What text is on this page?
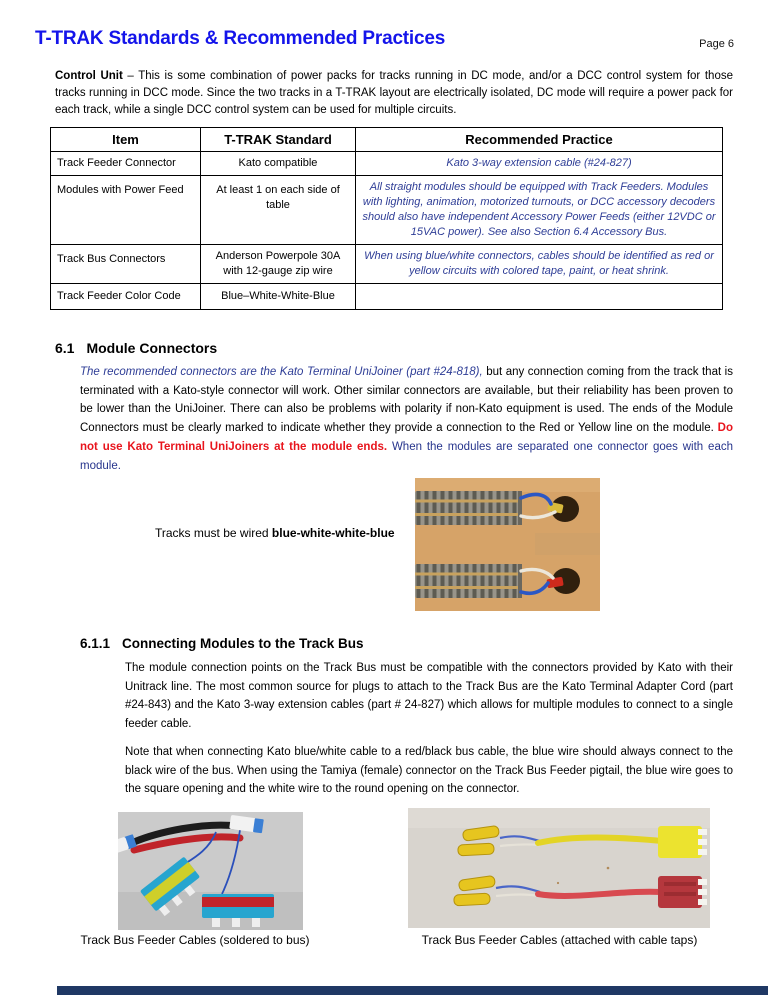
T-TRAK Standards & Recommended Practices	Page 6

Control Unit – This is some combination of power packs for tracks running in DC mode, and/or a DCC control system for those tracks running in DCC mode. Since the two tracks in a T-TRAK layout are electrically isolated, DC mode will require a power pack for each track, while a single DCC control system can be used for multiple circuits.

Item	T-TRAK Standard	Recommended Practice
Track Feeder Connector	Kato compatible	Kato 3-way extension cable (#24-827)
Modules with Power Feed	At least 1 on each side of table	All straight modules should be equipped with Track Feeders. Modules with lighting, animation, motorized turnouts, or DCC accessory decoders should also have independent Accessory Power Feeds (either 12VDC or 15VAC power). See also Section 6.4 Accessory Bus.
Track Bus Connectors	Anderson Powerpole 30A with 12-gauge zip wire	When using blue/white connectors, cables should be identified as red or yellow circuits with colored tape, paint, or heat shrink.
Track Feeder Color Code	Blue–White-White-Blue	
6.1 Module Connectors

The recommended connectors are the Kato Terminal UniJoiner (part #24-818), but any connection coming from the track that is terminated with a Kato-style connector will work. Other similar connectors are available, but their reliability has been proven to be lower than the UniJoiner. There can also be problems with polarity if non-Kato equipment is used. The ends of the Module Connectors must be clearly marked to indicate whether they provide a connection to the Red or Yellow line on the module. Do not use Kato Terminal UniJoiners at the module ends. When the modules are separated one connector goes with each module.

Tracks must be wired blue-white-white-blue
6.1.1 Connecting Modules to the Track Bus

The module connection points on the Track Bus must be compatible with the connectors provided by Kato with their Unitrack line. The most common source for plugs to attach to the Track Bus are the Kato Terminal Adapter Cord (part #24-843) and the Kato 3-way extension cables (part # 24-827) which allows for multiple modules to connect to a single feeder cable.

Note that when connecting Kato blue/white cable to a red/black bus cable, the blue wire should always connect to the black wire of the bus. When using the Tamiya (female) connector on the Track Bus Feeder pigtail, the blue wire goes to the square opening and the white wire to the round opening on the connector.

Track Bus Feeder Cables (soldered to bus)	Track Bus Feeder Cables (attached with cable taps)
